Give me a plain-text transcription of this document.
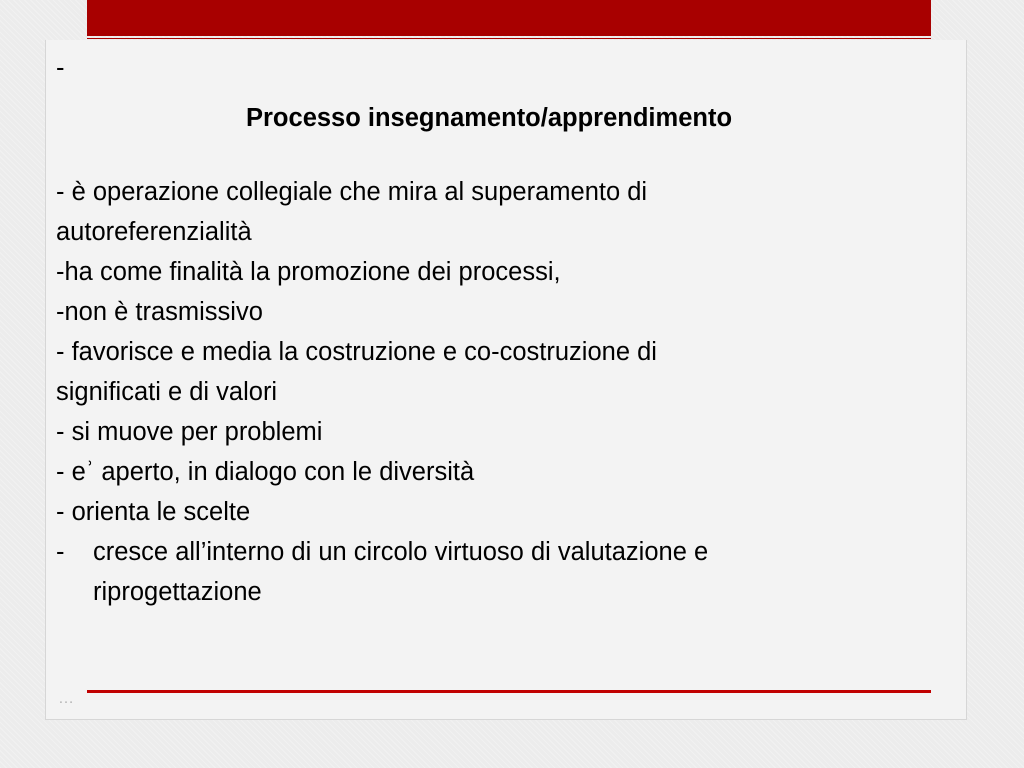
-
Processo insegnamento/apprendimento
- è operazione collegiale che mira al superamento di
autoreferenzialità
-ha come finalità la promozione dei processi,
-non è trasmissivo
- favorisce e media la costruzione e co-costruzione di
significati e di valori
- si muove per problemi
- eʾ aperto, in dialogo con le diversità
- orienta le scelte
-	cresce all’interno di un circolo virtuoso di valutazione e
riprogettazione
…
